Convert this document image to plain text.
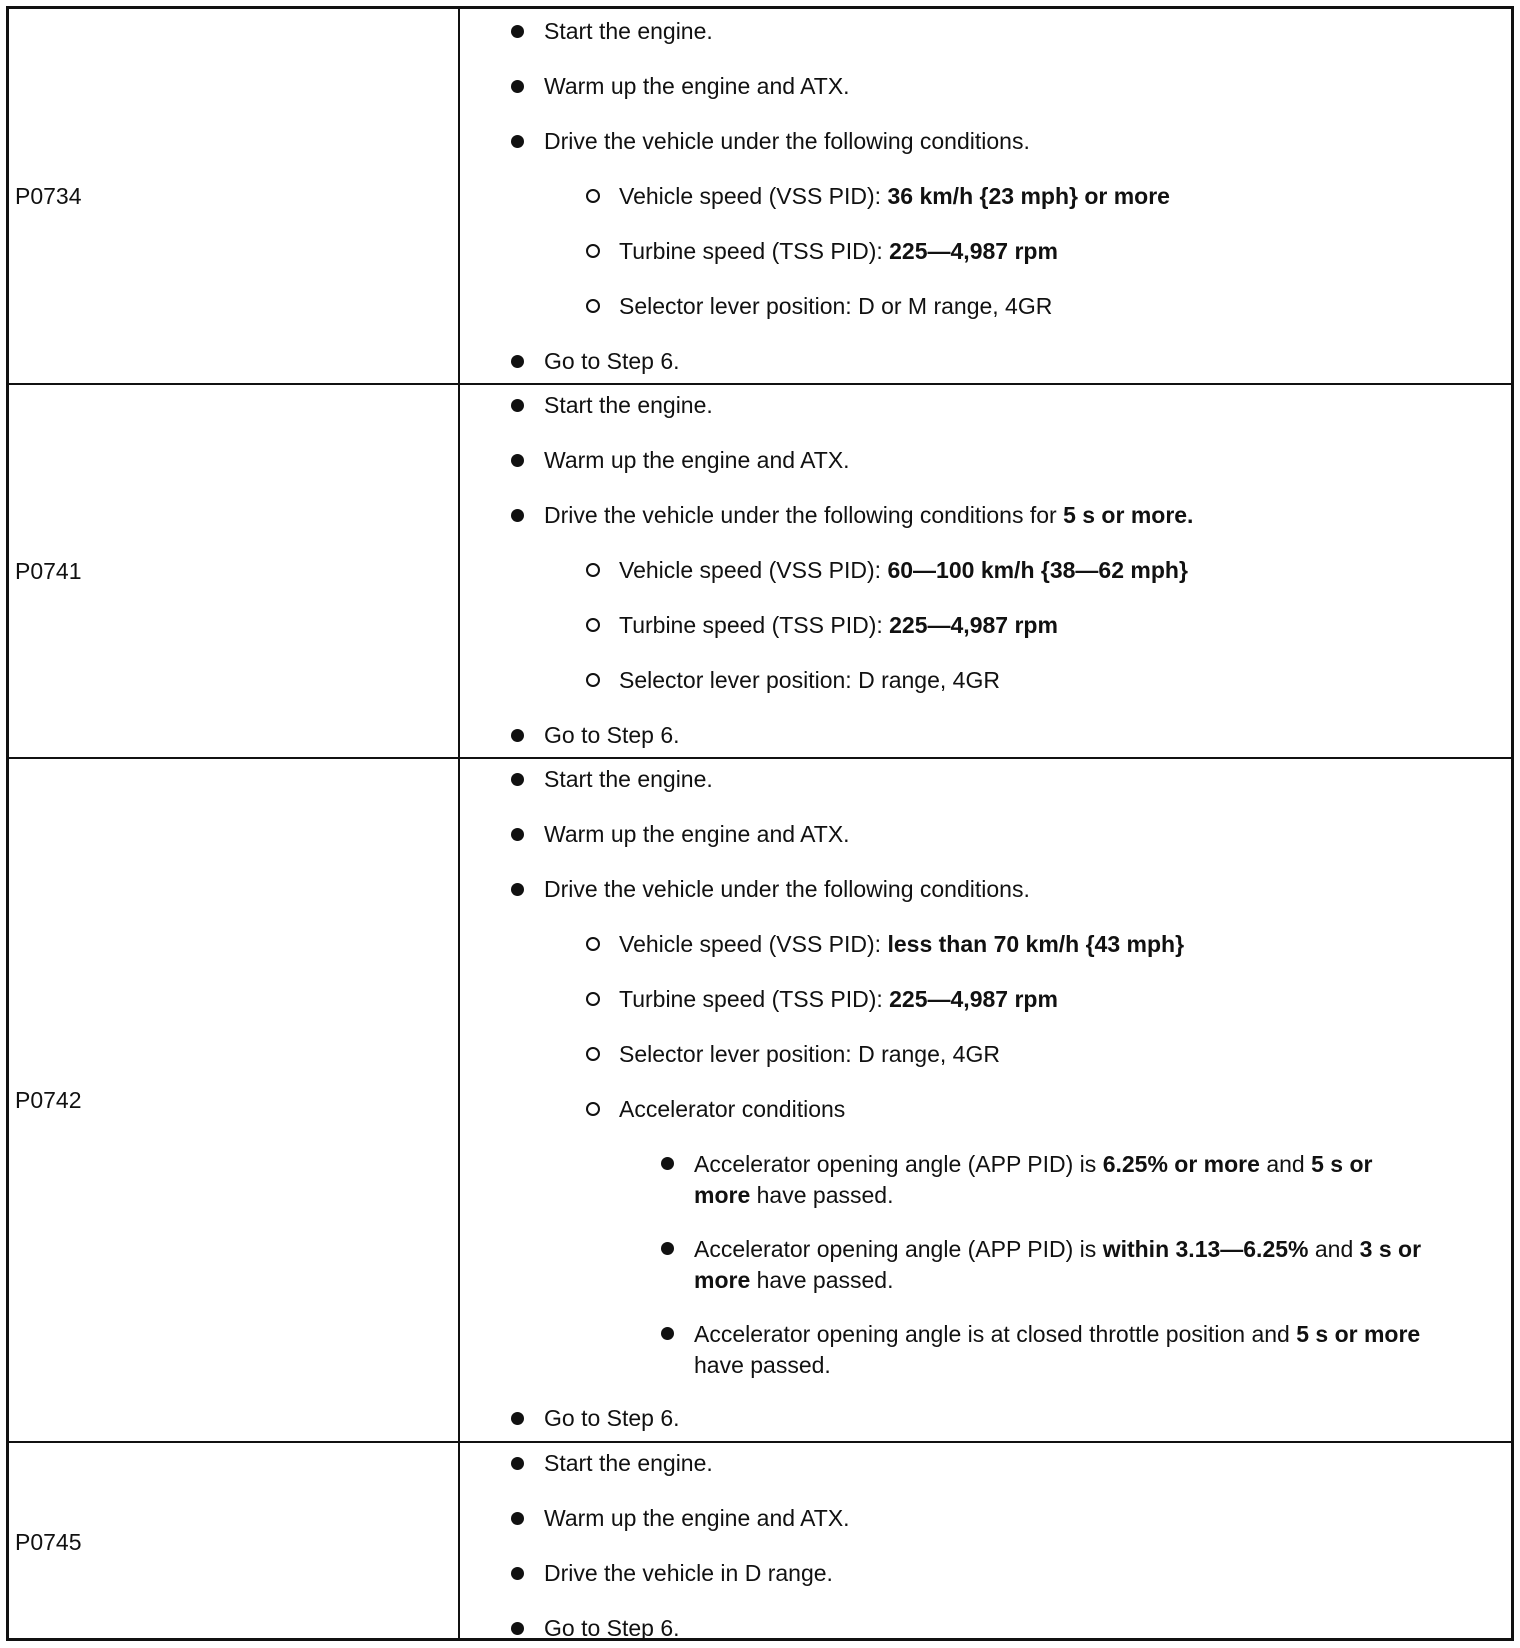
P0734
Start the engine.
Warm up the engine and ATX.
Drive the vehicle under the following conditions.
Vehicle speed (VSS PID): 36 km/h {23 mph} or more
Turbine speed (TSS PID): 225—4,987 rpm
Selector lever position: D or M range, 4GR
Go to Step 6.
P0741
Start the engine.
Warm up the engine and ATX.
Drive the vehicle under the following conditions for 5 s or more.
Vehicle speed (VSS PID): 60—100 km/h {38—62 mph}
Turbine speed (TSS PID): 225—4,987 rpm
Selector lever position: D range, 4GR
Go to Step 6.
P0742
Start the engine.
Warm up the engine and ATX.
Drive the vehicle under the following conditions.
Vehicle speed (VSS PID): less than 70 km/h {43 mph}
Turbine speed (TSS PID): 225—4,987 rpm
Selector lever position: D range, 4GR
Accelerator conditions
Accelerator opening angle (APP PID) is 6.25% or more and 5 s or more have passed.
Accelerator opening angle (APP PID) is within 3.13—6.25% and 3 s or more have passed.
Accelerator opening angle is at closed throttle position and 5 s or more have passed.
Go to Step 6.
P0745
Start the engine.
Warm up the engine and ATX.
Drive the vehicle in D range.
Go to Step 6.
